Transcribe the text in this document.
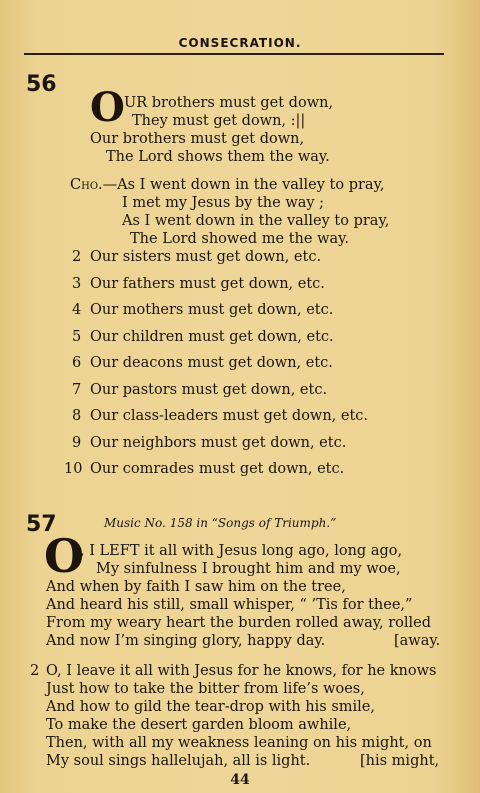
CONSECRATION.
56 O UR brothers must get down,
They must get down, :||
Our brothers must get down,
The Lord shows them the way.
Cho.—As I went down in the valley to pray,
I met my Jesus by the way ;
As I went down in the valley to pray,
The Lord showed me the way.
2 Our sisters must get down, etc.
3 Our fathers must get down, etc.
4 Our mothers must get down, etc.
5 Our children must get down, etc.
6 Our deacons must get down, etc.
7 Our pastors must get down, etc.
8 Our class-leaders must get down, etc.
9 Our neighbors must get down, etc.
10 Our comrades must get down, etc.
57	Music No. 158 in “Songs of Triumph.”
O
, I LEFT it all with Jesus long ago, long ago,
My sinfulness I brought him and my woe,
And when by faith I saw him on the tree,
And heard his still, small whisper, “ ’Tis for thee,”
From my weary heart the burden rolled away, rolled
And now I’m singing glory, happy day.	[away.
2 O, I leave it all with Jesus for he knows, for he knows
Just how to take the bitter from life’s woes,
And how to gild the tear-drop with his smile,
To make the desert garden bloom awhile,
Then, with all my weakness leaning on his might, on
My soul sings hallelujah, all is light.	[his might,
44
